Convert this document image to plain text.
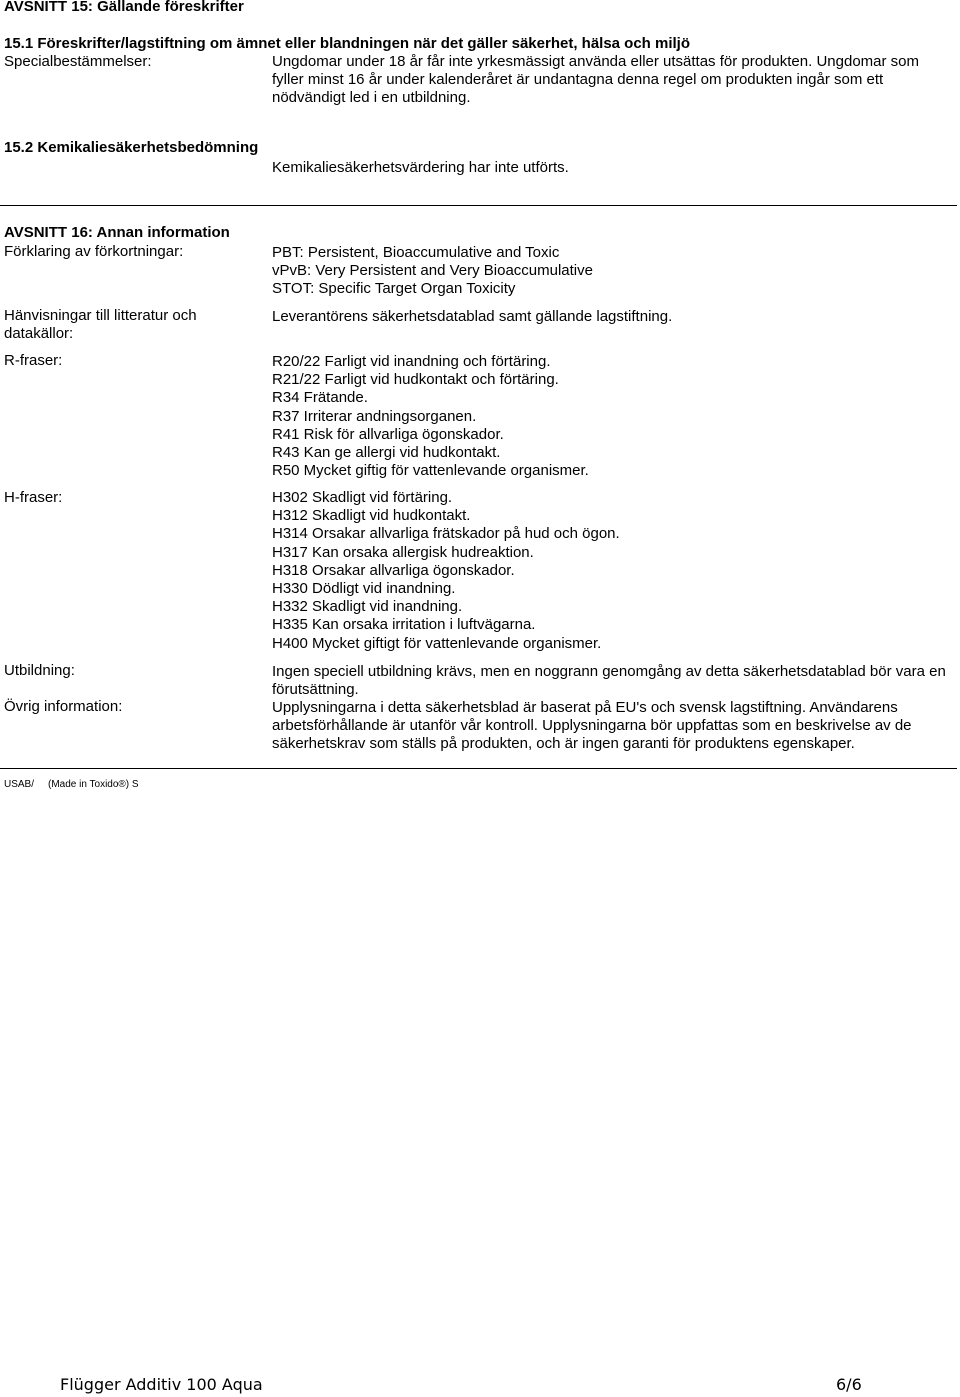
AVSNITT 15: Gällande föreskrifter
15.1 Föreskrifter/lagstiftning om ämnet eller blandningen när det gäller säkerhet, hälsa och miljö
Specialbestämmelser:	Ungdomar under 18 år får inte yrkesmässigt använda eller utsättas för produkten. Ungdomar som fyller minst 16 år under kalenderåret är undantagna denna regel om produkten ingår som ett nödvändigt led i en utbildning.
15.2 Kemikaliesäkerhetsbedömning
Kemikaliesäkerhetsvärdering har inte utförts.
AVSNITT 16: Annan information
Förklaring av förkortningar:	PBT: Persistent, Bioaccumulative and Toxic
vPvB: Very Persistent and Very Bioaccumulative
STOT: Specific Target Organ Toxicity
Hänvisningar till litteratur och datakällor:
Leverantörens säkerhetsdatablad samt gällande lagstiftning.
R-fraser:	R20/22 Farligt vid inandning och förtäring.
R21/22 Farligt vid hudkontakt och förtäring.
R34 Frätande.
R37 Irriterar andningsorganen.
R41 Risk för allvarliga ögonskador.
R43 Kan ge allergi vid hudkontakt.
R50 Mycket giftig för vattenlevande organismer.
H-fraser:	H302 Skadligt vid förtäring.
H312 Skadligt vid hudkontakt.
H314 Orsakar allvarliga frätskador på hud och ögon.
H317 Kan orsaka allergisk hudreaktion.
H318 Orsakar allvarliga ögonskador.
H330 Dödligt vid inandning.
H332 Skadligt vid inandning.
H335 Kan orsaka irritation i luftvägarna.
H400 Mycket giftigt för vattenlevande organismer.
Utbildning:	Ingen speciell utbildning krävs, men en noggrann genomgång av detta säkerhetsdatablad bör vara en förutsättning.
Övrig information:	Upplysningarna i detta säkerhetsblad är baserat på EU's och svensk lagstiftning. Användarens arbetsförhållande är utanför vår kontroll. Upplysningarna bör uppfattas som en beskrivelse av de säkerhetskrav som ställs på produkten, och är ingen garanti för produktens egenskaper.
USAB/ (Made in Toxido®) S
Flügger Additiv 100 Aqua	6/6
